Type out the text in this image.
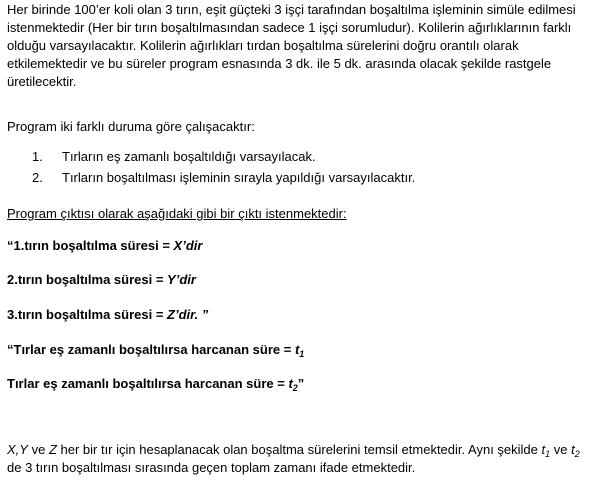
Her birinde 100’er koli olan 3 tırın, eşit güçteki 3 işçi tarafından boşaltılma işleminin simüle edilmesi
istenmektedir (Her bir tırın boşaltılmasından sadece 1 işçi sorumludur). Kolilerin ağırlıklarının farklı
olduğu varsayılacaktır. Kolilerin ağırlıkları tırdan boşaltılma sürelerini doğru orantılı olarak
etkilemektedir ve bu süreler program esnasında 3 dk. ile 5 dk. arasında olacak şekilde rastgele
üretilecektir.
Program iki farklı duruma göre çalışacaktır:
1.	Tırların eş zamanlı boşaltıldığı varsayılacak.
2.	Tırların boşaltılması işleminin sırayla yapıldığı varsayılacaktır.
Program çıktısı olarak aşağıdaki gibi bir çıktı istenmektedir:
“1.tırın boşaltılma süresi = X’dir
2.tırın boşaltılma süresi = Y’dir
3.tırın boşaltılma süresi = Z’dir. ”
“Tırlar eş zamanlı boşaltılırsa harcanan süre = $t_1$
Tırlar eş zamanlı boşaltılırsa harcanan süre = $t_2$”
X,Y ve Z her bir tır için hesaplanacak olan boşaltma sürelerini temsil etmektedir. Aynı şekilde $t_1$ ve $t_2$
de 3 tırın boşaltılması sırasında geçen toplam zamanı ifade etmektedir.
